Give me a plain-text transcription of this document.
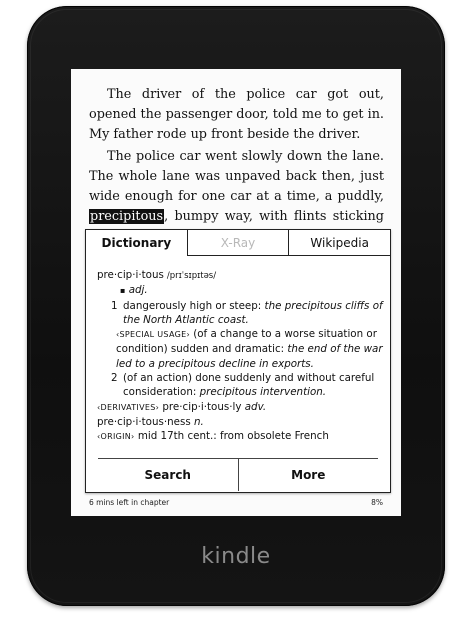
kindle

The driver of the police car got out, opened the passenger door, told me to get in. My father rode up front beside the driver.

The police car went slowly down the lane. The whole lane was unpaved back then, just wide enough for one car at a time, a puddly, precipitous, bumpy way, with flints sticking

Dictionary	X-Ray	Wikipedia
pre·cip·i·tous /prɪˈsɪpɪtəs/
▪ adj.
1 dangerously high or steep: the precipitous cliffs of the North Atlantic coast.
‹SPECIAL USAGE› (of a change to a worse situation or condition) sudden and dramatic: the end of the war led to a precipitous decline in exports.
2 (of an action) done suddenly and without careful consideration: precipitous intervention.
‹DERIVATIVES› pre·cip·i·tous·ly adv.
pre·cip·i·tous·ness n.
‹ORIGIN› mid 17th cent.: from obsolete French
Search	More
6 mins left in chapter	8%
